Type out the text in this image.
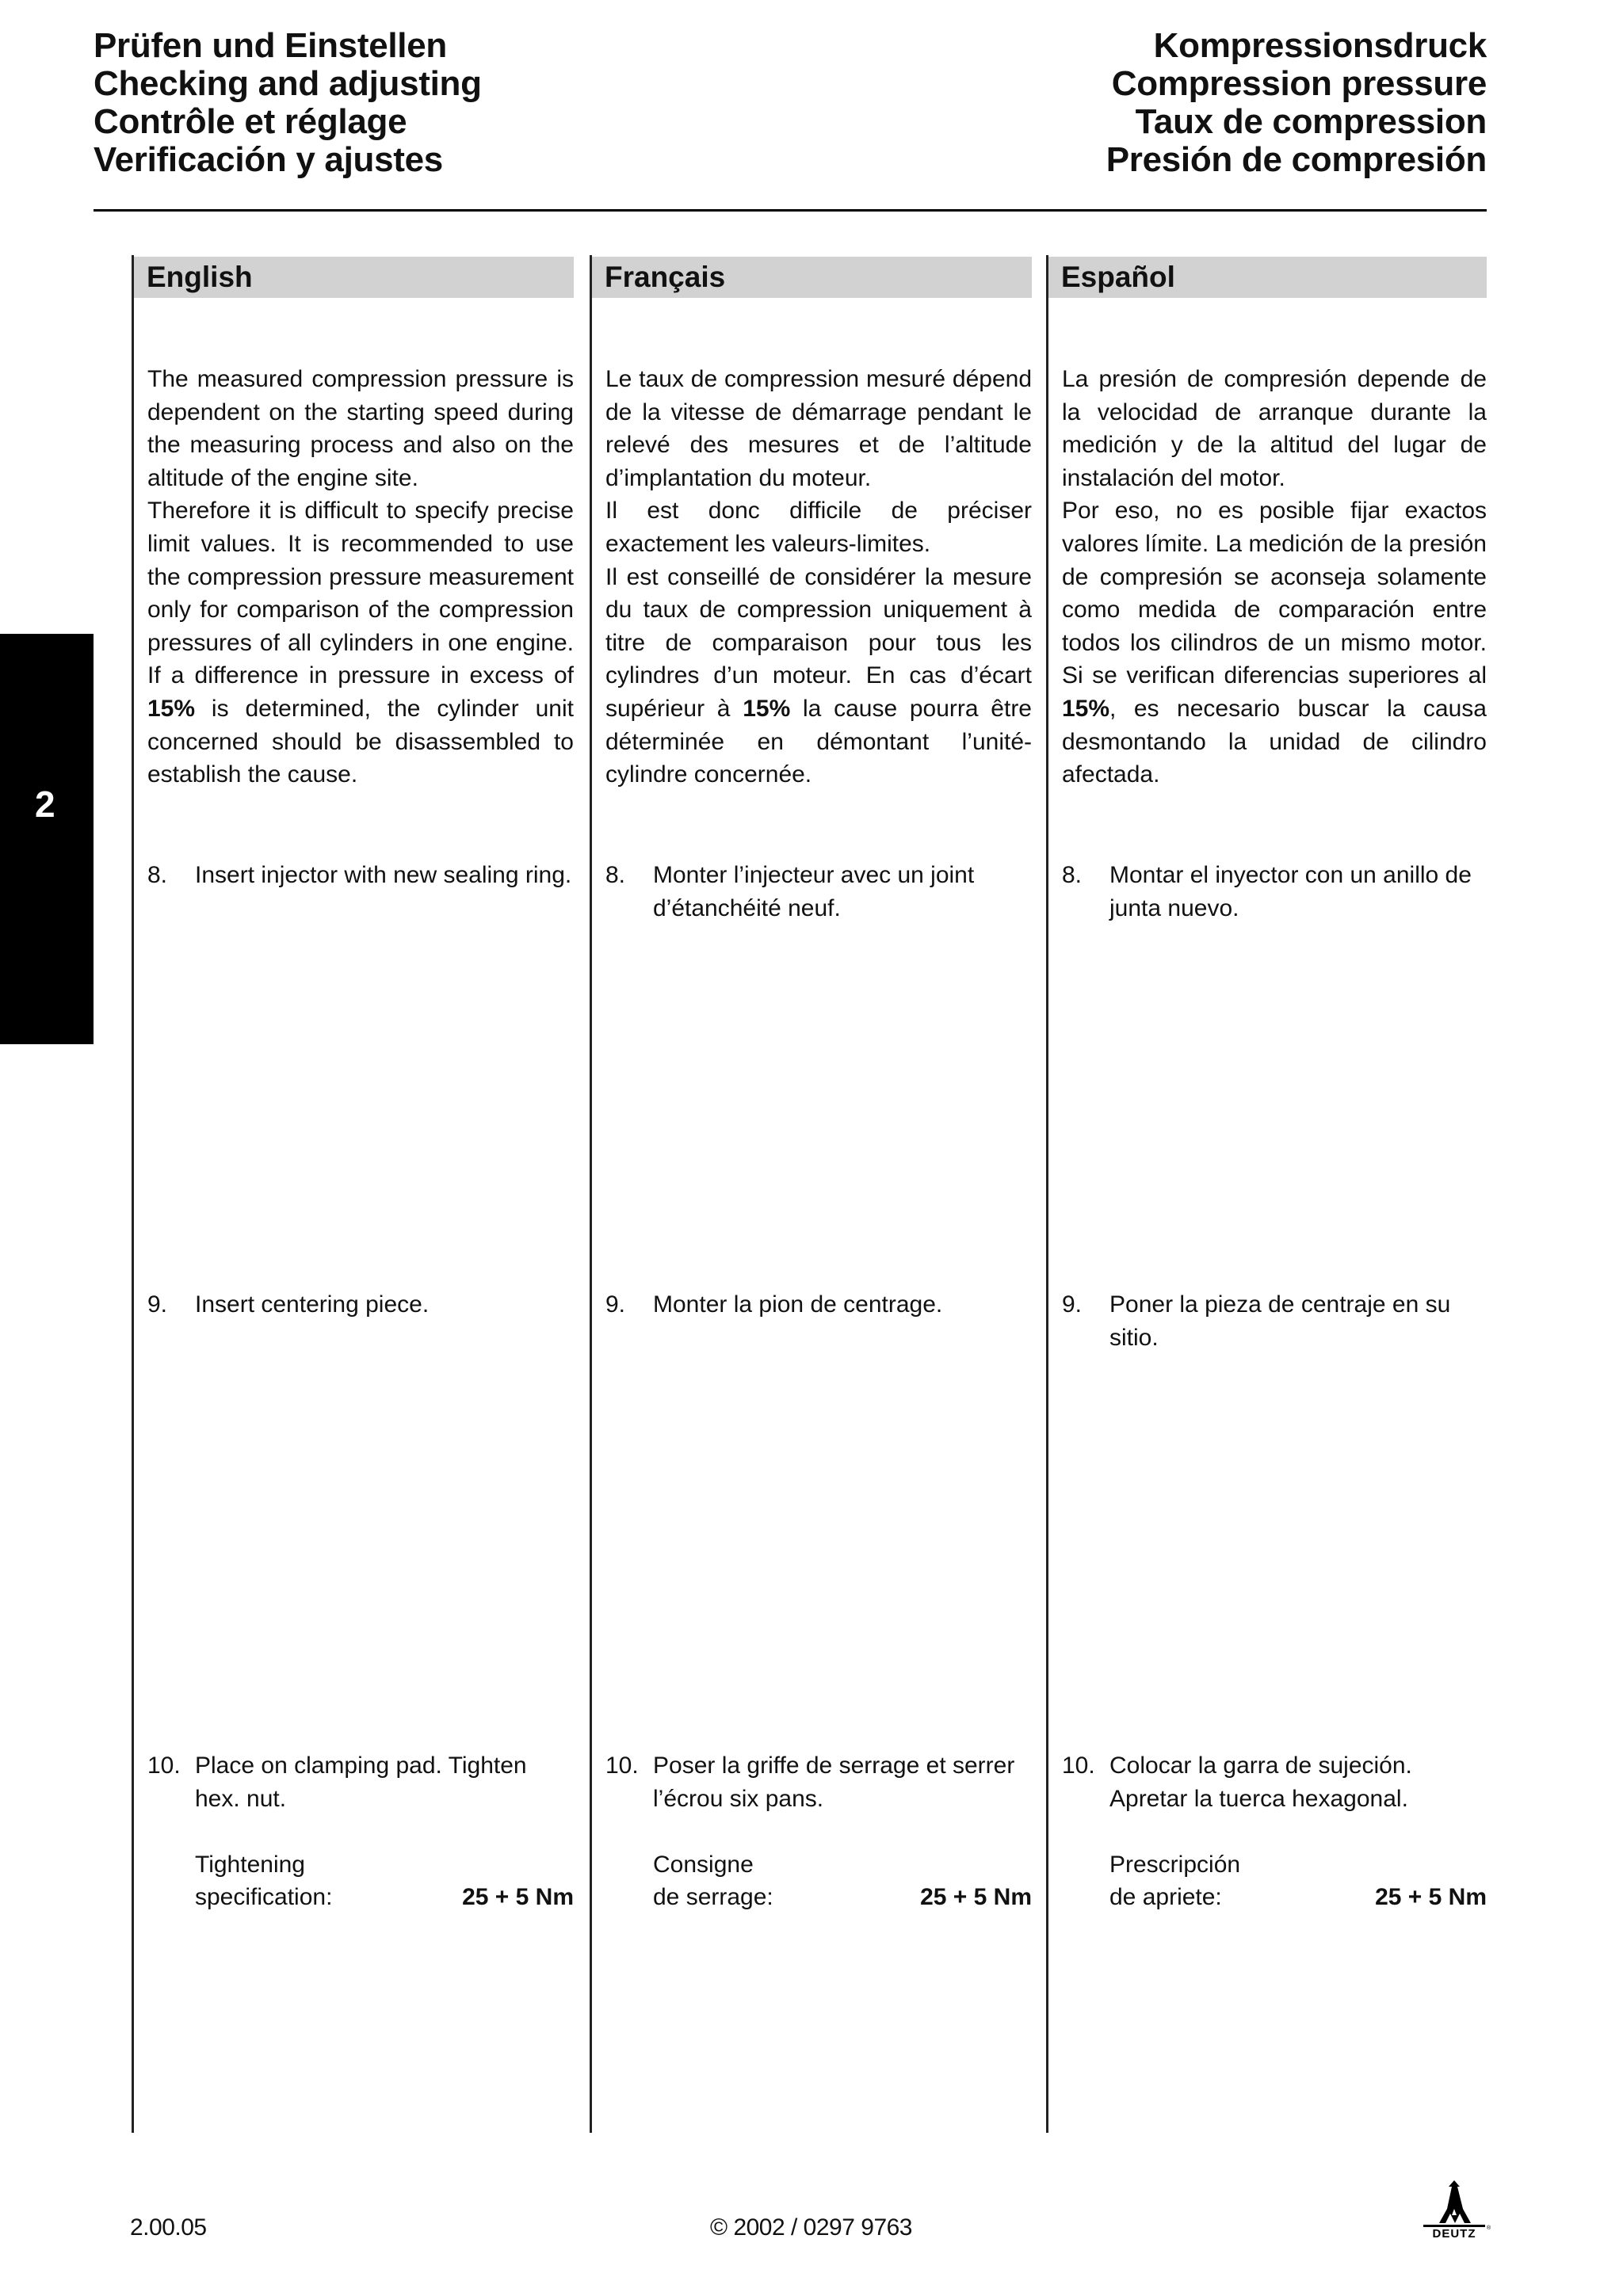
Prüfen und Einstellen
Checking and adjusting
Contrôle et réglage
Verificación y ajustes
Kompressionsdruck
Compression pressure
Taux de compression
Presión de compresión
2
English	Français	Español
The measured compression pressure is dependent on the starting speed during the measuring process and also on the altitude of the engine site.
Therefore it is difficult to specify precise limit values. It is recommended to use the compression pressure measurement only for comparison of the compression pressures of all cylinders in one engine. If a difference in pressure in excess of 15% is determined, the cylinder unit concerned should be disassembled to establish the cause.
8.	Insert injector with new sealing ring.
9.	Insert centering piece.
10. Place on clamping pad. Tighten hex. nut.
Tightening
specification:	25 + 5 Nm
Le taux de compression mesuré dépend de la vitesse de démarrage pendant le relevé des mesures et de l’altitude d’implantation du moteur.
Il est donc difficile de préciser exactement les valeurs-limites.
Il est conseillé de considérer la mesure du taux de compression uniquement à titre de comparaison pour tous les cylindres d’un moteur. En cas d’écart supérieur à 15% la cause pourra être déterminée en démontant l’unité-cylindre concernée.
8.	Monter l’injecteur avec un joint d’étanchéité neuf.
9.	Monter la pion de centrage.
10. Poser la griffe de serrage et serrer l’écrou six pans.
Consigne
de serrage:	25 + 5 Nm
La presión de compresión depende de la velocidad de arranque durante la medición y de la altitud del lugar de instalación del motor.
Por eso, no es posible fijar exactos valores límite. La medición de la presión de compresión se aconseja solamente como medida de comparación entre todos los cilindros de un mismo motor. Si se verifican diferencias superiores al 15%, es necesario buscar la causa desmontando la unidad de cilindro afectada.
8.	Montar el inyector con un anillo de junta nuevo.
9.	Poner la pieza de centraje en su sitio.
10. Colocar la garra de sujeción. Apretar la tuerca hexagonal.
Prescripción
de apriete:	25 + 5 Nm
2.00.05	© 2002 / 0297 9763	DEUTZ ®
